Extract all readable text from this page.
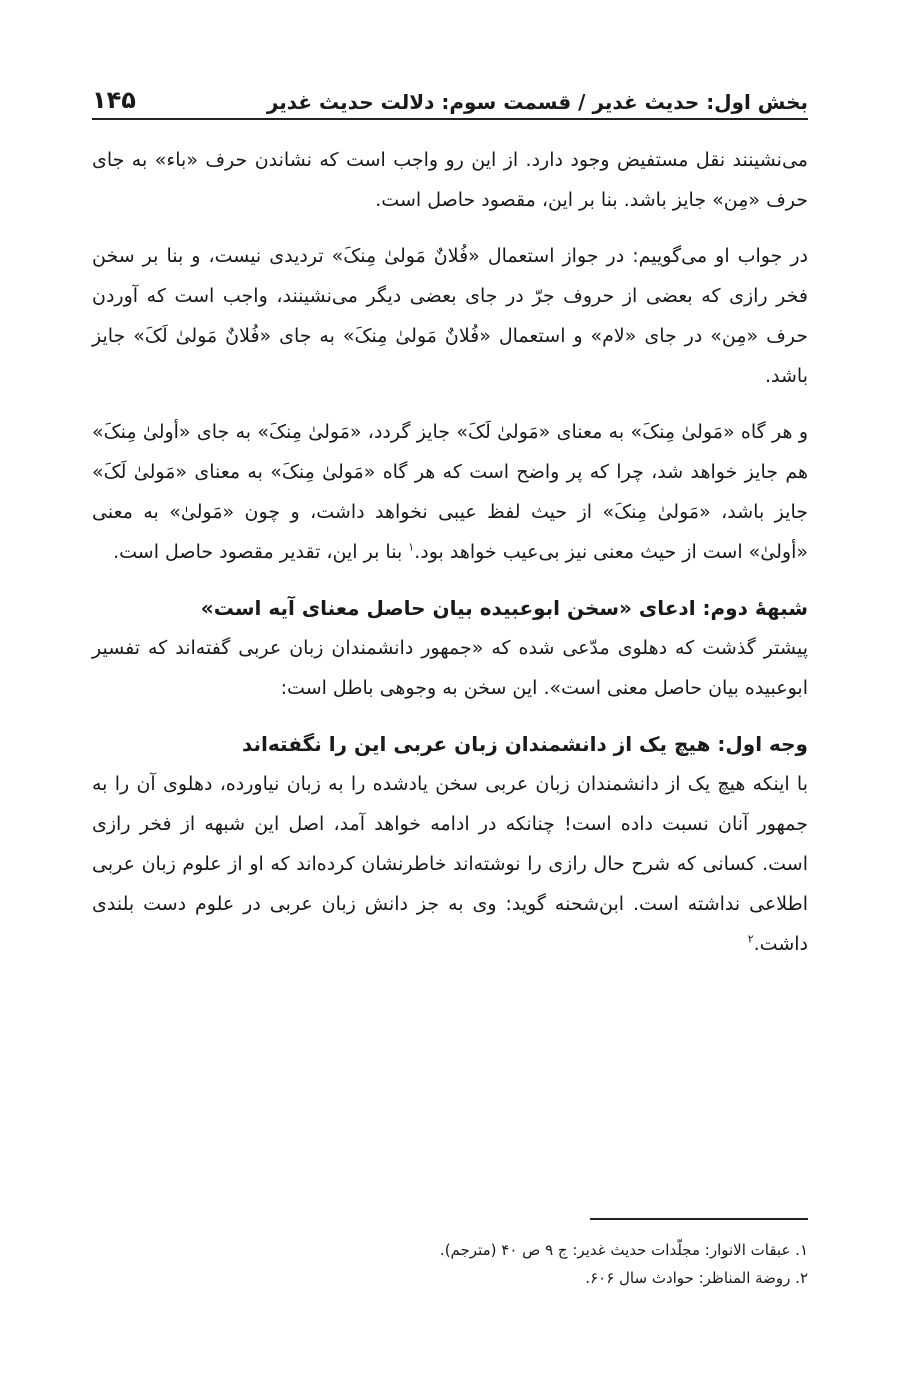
بخش اول: حدیث غدیر / قسمت سوم: دلالت حدیث غدیر
۱۴۵

می‌نشینند نقل مستفیض وجود دارد. از این رو واجب است که نشاندن حرف «باء» به جای حرف «مِن» جایز باشد. بنا بر این، مقصود حاصل است.

در جواب او می‌گوییم: در جواز استعمال «فُلانٌ مَولیٰ مِنکَ» تردیدی نیست، و بنا بر سخن فخر رازی که بعضی از حروف جرّ در جای بعضی دیگر می‌نشینند، واجب است که آوردن حرف «مِن» در جای «لام» و استعمال «فُلانٌ مَولیٰ مِنکَ» به جای «فُلانٌ مَولیٰ لَکَ» جایز باشد.

و هر گاه «مَولیٰ مِنکَ» به معنای «مَولیٰ لَکَ» جایز گردد، «مَولیٰ مِنکَ» به جای «أولیٰ مِنکَ» هم جایز خواهد شد، چرا که پر واضح است که هر گاه «مَولیٰ مِنکَ» به معنای «مَولیٰ لَکَ» جایز باشد، «مَولیٰ مِنکَ» از حیث لفظ عیبی نخواهد داشت، و چون «مَولیٰ» به معنی «أولیٰ» است از حیث معنی نیز بی‌عیب خواهد بود.$^۱$ بنا بر این، تقدیر مقصود حاصل است.

شبههٔ دوم: ادعای «سخن ابوعبیده بیان حاصل معنای آیه است»

پیشتر گذشت که دهلوی مدّعی شده که «جمهور دانشمندان زبان عربی گفته‌اند که تفسیر ابوعبیده بیان حاصل معنی است». این سخن به وجوهی باطل است:

وجه اول: هیچ یک از دانشمندان زبان عربی این را نگفته‌اند

با اینکه هیچ یک از دانشمندان زبان عربی سخن یادشده را به زبان نیاورده، دهلوی آن را به جمهور آنان نسبت داده است! چنانکه در ادامه خواهد آمد، اصل این شبهه از فخر رازی است. کسانی که شرح حال رازی را نوشته‌اند خاطرنشان کرده‌اند که او از علوم زبان عربی اطلاعی نداشته است. ابن‌شحنه گوید: وی به جز دانش زبان عربی در علوم دست بلندی داشت.$^۲$

۱. عبقات الانوار: مجلّدات حدیث غدیر: ج ۹ ص ۴۰ (مترجم).

۲. روضة المناظر: حوادث سال ۶۰۶.
